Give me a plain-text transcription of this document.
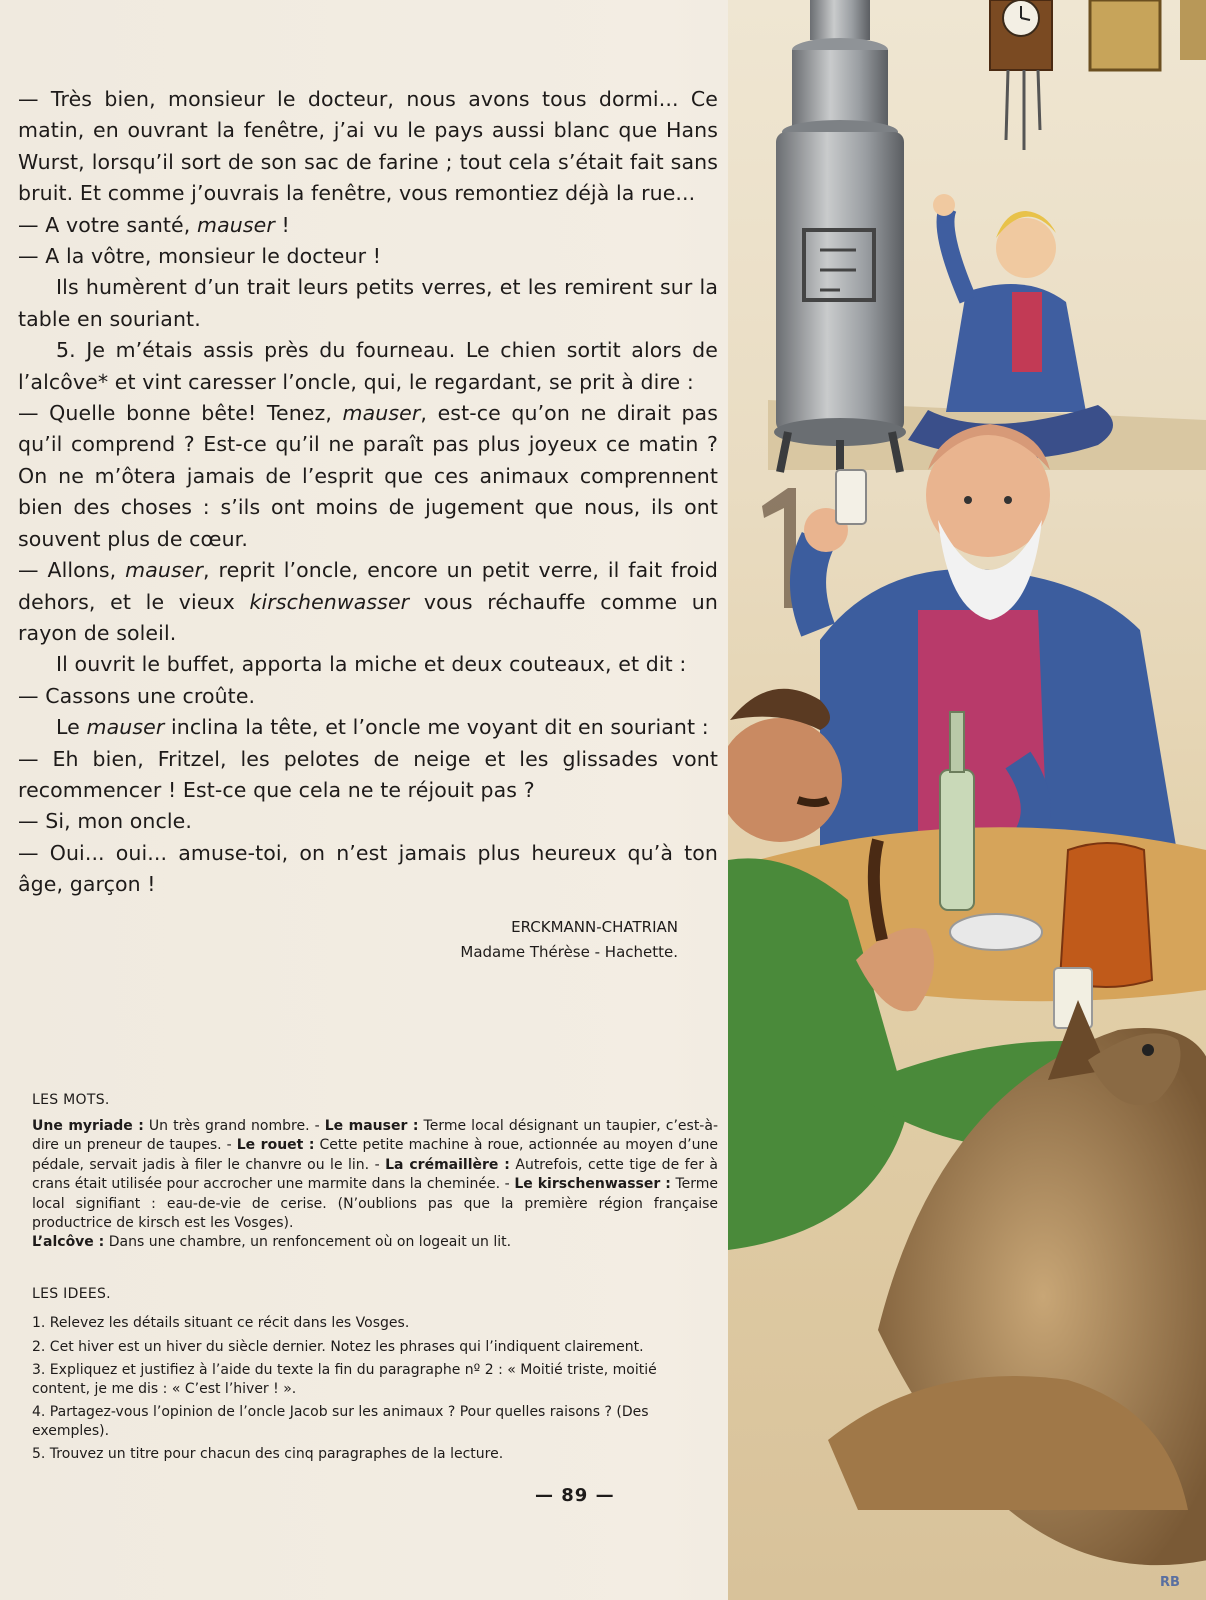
— Très bien, monsieur le docteur, nous avons tous dormi... Ce matin, en ouvrant la fenêtre, j’ai vu le pays aussi blanc que Hans Wurst, lorsqu’il sort de son sac de farine ; tout cela s’était fait sans bruit. Et comme j’ouvrais la fenêtre, vous remontiez déjà la rue...

— A votre santé, mauser !

— A la vôtre, monsieur le docteur !

Ils humèrent d’un trait leurs petits verres, et les remirent sur la table en souriant.

5. Je m’étais assis près du fourneau. Le chien sortit alors de l’alcôve* et vint caresser l’oncle, qui, le regardant, se prit à dire :

— Quelle bonne bête! Tenez, mauser, est-ce qu’on ne dirait pas qu’il comprend ? Est-ce qu’il ne paraît pas plus joyeux ce matin ? On ne m’ôtera jamais de l’esprit que ces animaux comprennent bien des choses : s’ils ont moins de jugement que nous, ils ont souvent plus de cœur.

— Allons, mauser, reprit l’oncle, encore un petit verre, il fait froid dehors, et le vieux kirschenwasser vous réchauffe comme un rayon de soleil.

Il ouvrit le buffet, apporta la miche et deux couteaux, et dit :

— Cassons une croûte.

Le mauser inclina la tête, et l’oncle me voyant dit en souriant :

— Eh bien, Fritzel, les pelotes de neige et les glissades vont recommencer ! Est-ce que cela ne te réjouit pas ?

— Si, mon oncle.

— Oui... oui... amuse-toi, on n’est jamais plus heureux qu’à ton âge, garçon !

ERCKMANN-CHATRIAN
Madame Thérèse - Hachette.
LES MOTS.
Une myriade : Un très grand nombre. - Le mauser : Terme local désignant un taupier, c’est-à-dire un preneur de taupes. - Le rouet : Cette petite machine à roue, actionnée au moyen d’une pédale, servait jadis à filer le chanvre ou le lin. - La crémaillère : Autrefois, cette tige de fer à crans était utilisée pour accrocher une marmite dans la cheminée. - Le kirschenwasser : Terme local signifiant : eau-de-vie de cerise. (N’oublions pas que la première région française productrice de kirsch est les Vosges).
L’alcôve : Dans une chambre, un renfoncement où on logeait un lit.
LES IDEES.
1. Relevez les détails situant ce récit dans les Vosges.
2. Cet hiver est un hiver du siècle dernier. Notez les phrases qui l’indiquent clairement.
3. Expliquez et justifiez à l’aide du texte la fin du paragraphe nº 2 : « Moitié triste, moitié content, je me dis : « C’est l’hiver ! ».
4. Partagez-vous l’opinion de l’oncle Jacob sur les animaux ? Pour quelles raisons ? (Des exemples).
5. Trouvez un titre pour chacun des cinq paragraphes de la lecture.
— 89 —
RB
